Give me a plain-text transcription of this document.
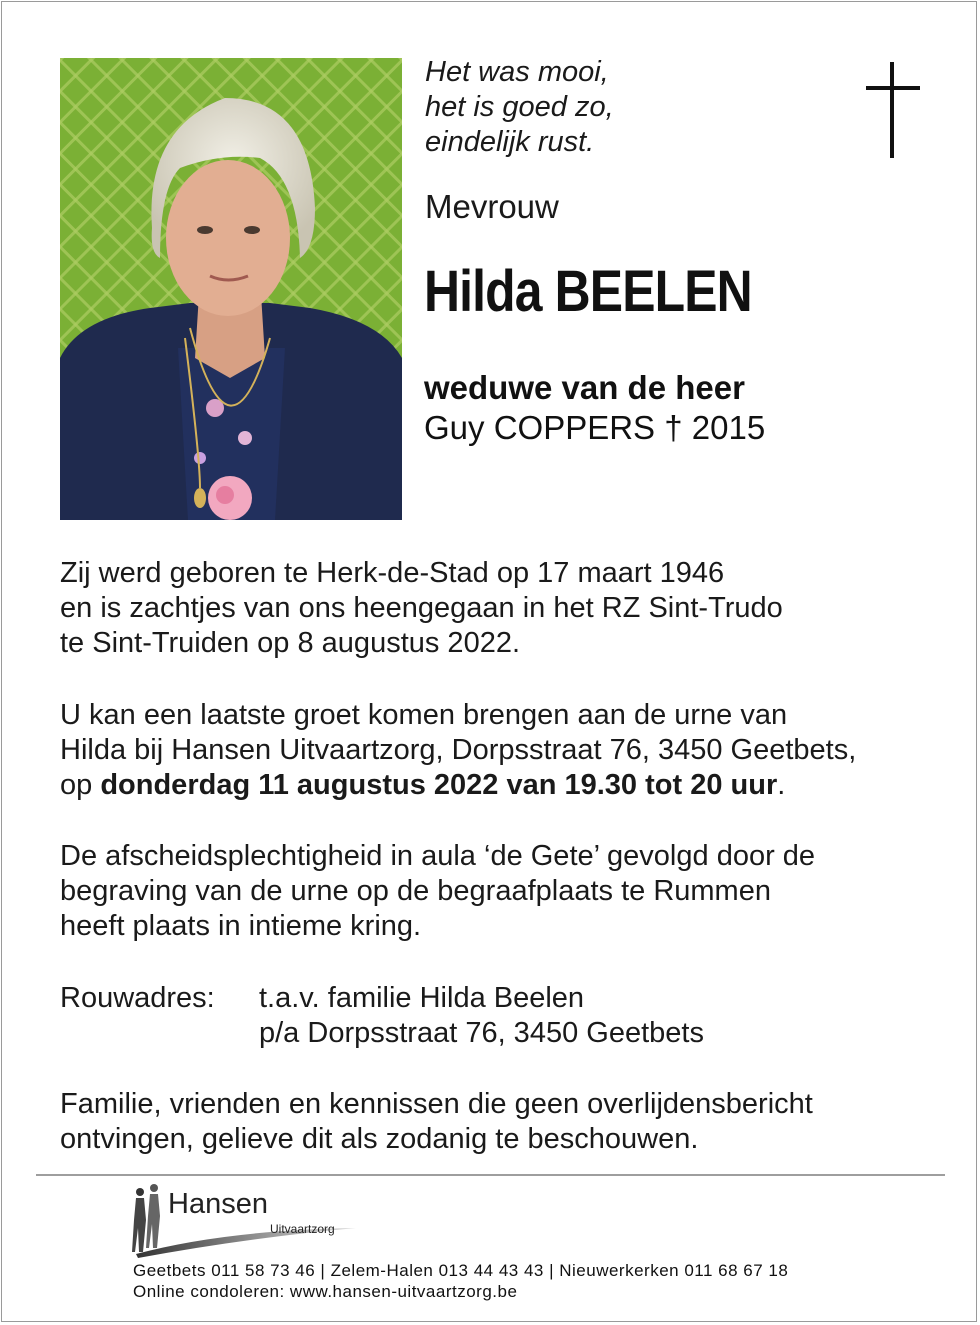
Het was mooi,
het is goed zo,
eindelijk rust.
Mevrouw
Hilda BEELEN
weduwe van de heer
Guy COPPERS † 2015
Zij werd geboren te Herk-de-Stad op 17 maart 1946
en is zachtjes van ons heengegaan in het RZ Sint-Trudo
te Sint-Truiden op 8 augustus 2022.
U kan een laatste groet komen brengen aan de urne van
Hilda bij Hansen Uitvaartzorg, Dorpsstraat 76, 3450 Geetbets,
op donderdag 11 augustus 2022 van 19.30 tot 20 uur.
De afscheidsplechtigheid in aula ‘de Gete’ gevolgd door de
begraving van de urne op de begraafplaats te Rummen
heeft plaats in intieme kring.
Rouwadres: t.a.v. familie Hilda Beelen
p/a Dorpsstraat 76, 3450 Geetbets
Familie, vrienden en kennissen die geen overlijdensbericht
ontvingen, gelieve dit als zodanig te beschouwen.
Hansen
Uitvaartzorg
Geetbets 011 58 73 46 | Zelem-Halen 013 44 43 43 | Nieuwerkerken 011 68 67 18
Online condoleren: www.hansen-uitvaartzorg.be
